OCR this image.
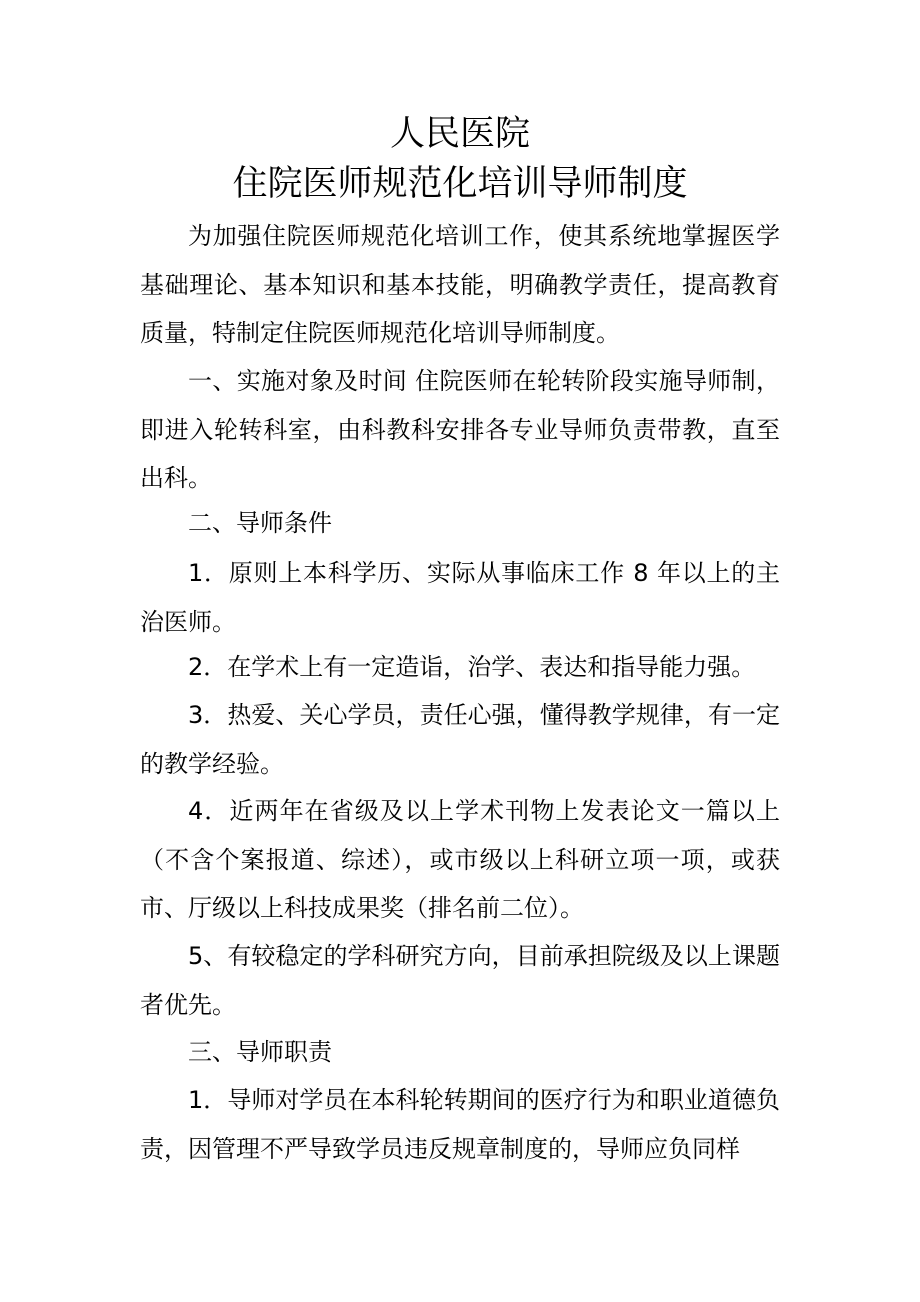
人民医院
住院医师规范化培训导师制度

为加强住院医师规范化培训工作，使其系统地掌握医学基础理论、基本知识和基本技能，明确教学责任，提高教育质量，特制定住院医师规范化培训导师制度。

一、实施对象及时间 住院医师在轮转阶段实施导师制，即进入轮转科室，由科教科安排各专业导师负责带教，直至出科。

二、导师条件

1．原则上本科学历、实际从事临床工作 8 年以上的主治医师。

2．在学术上有一定造诣，治学、表达和指导能力强。

3．热爱、关心学员，责任心强，懂得教学规律，有一定的教学经验。

4．近两年在省级及以上学术刊物上发表论文一篇以上（不含个案报道、综述），或市级以上科研立项一项，或获市、厅级以上科技成果奖（排名前二位）。

5、有较稳定的学科研究方向，目前承担院级及以上课题者优先。

三、导师职责

1．导师对学员在本科轮转期间的医疗行为和职业道德负责，因管理不严导致学员违反规章制度的，导师应负同样
